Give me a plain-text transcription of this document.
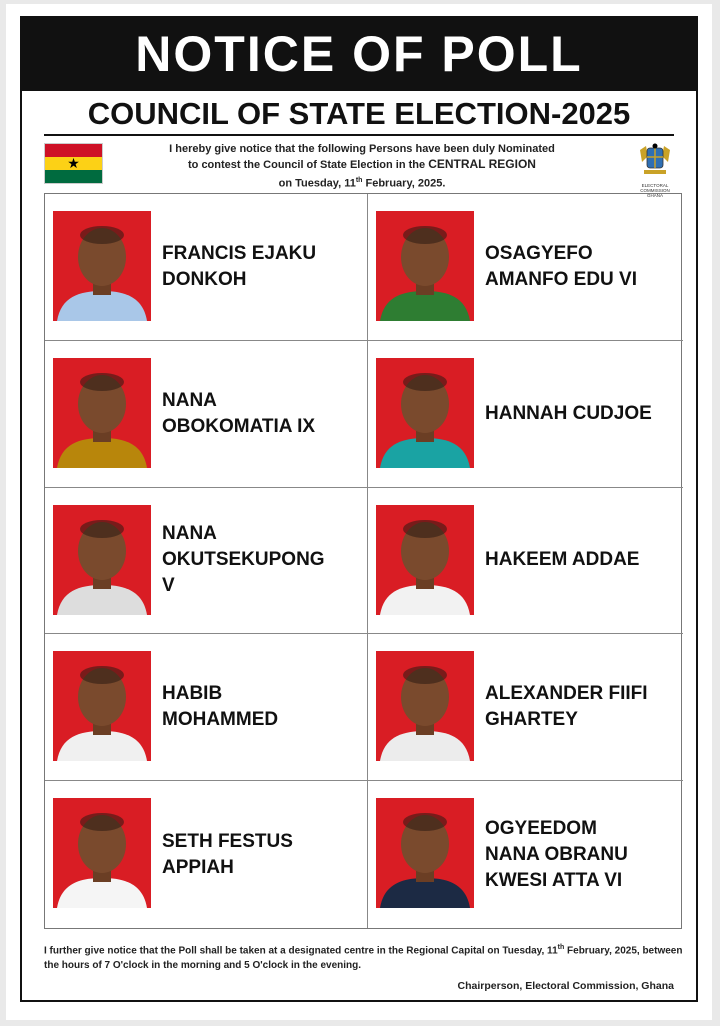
NOTICE OF POLL
COUNCIL OF STATE ELECTION-2025
★
I hereby give notice that the following Persons have been duly Nominated
to contest the Council of State Election in the CENTRAL REGION
on Tuesday, 11th February, 2025.	ELECTORAL COMMISSION
GHANA
FRANCIS EJAKU
DONKOH
OSAGYEFO
AMANFO EDU VI
NANA
OBOKOMATIA IX
HANNAH CUDJOE
NANA
OKUTSEKUPONG
V
HAKEEM ADDAE
HABIB
MOHAMMED
ALEXANDER FIIFI
GHARTEY
SETH FESTUS
APPIAH
OGYEEDOM
NANA OBRANU
KWESI ATTA VI
I further give notice that the Poll shall be taken at a designated centre in the Regional Capital on Tuesday, 11th February, 2025, between the hours of 7 O'clock in the morning and 5 O'clock in the evening.
Chairperson, Electoral Commission, Ghana
